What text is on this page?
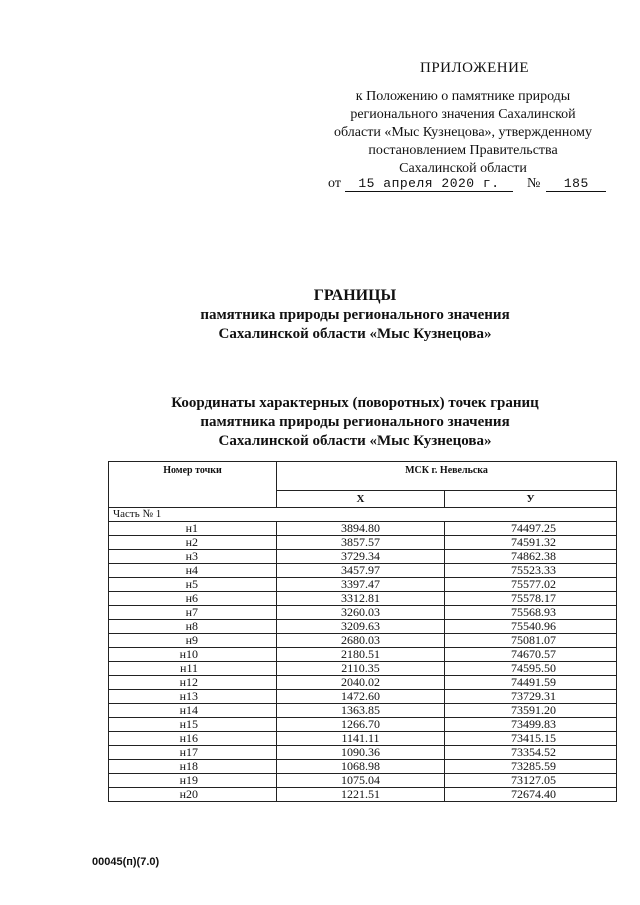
ПРИЛОЖЕНИЕ
к Положению о памятнике природы
регионального значения Сахалинской
области «Мыс Кузнецова», утвержденному
постановлением Правительства
Сахалинской области
от 15 апреля 2020 г. № 185
ГРАНИЦЫ
памятника природы регионального значения
Сахалинской области «Мыс Кузнецова»
Координаты характерных (поворотных) точек границ
памятника природы регионального значения
Сахалинской области «Мыс Кузнецова»
Номер точки	МСК г. Невельска	
	X	У
Часть № 1		
н1	3894.80	74497.25
н2	3857.57	74591.32
н3	3729.34	74862.38
н4	3457.97	75523.33
н5	3397.47	75577.02
н6	3312.81	75578.17
н7	3260.03	75568.93
н8	3209.63	75540.96
н9	2680.03	75081.07
н10	2180.51	74670.57
н11	2110.35	74595.50
н12	2040.02	74491.59
н13	1472.60	73729.31
н14	1363.85	73591.20
н15	1266.70	73499.83
н16	1141.11	73415.15
н17	1090.36	73354.52
н18	1068.98	73285.59
н19	1075.04	73127.05
н20	1221.51	72674.40
00045(п)(7.0)
